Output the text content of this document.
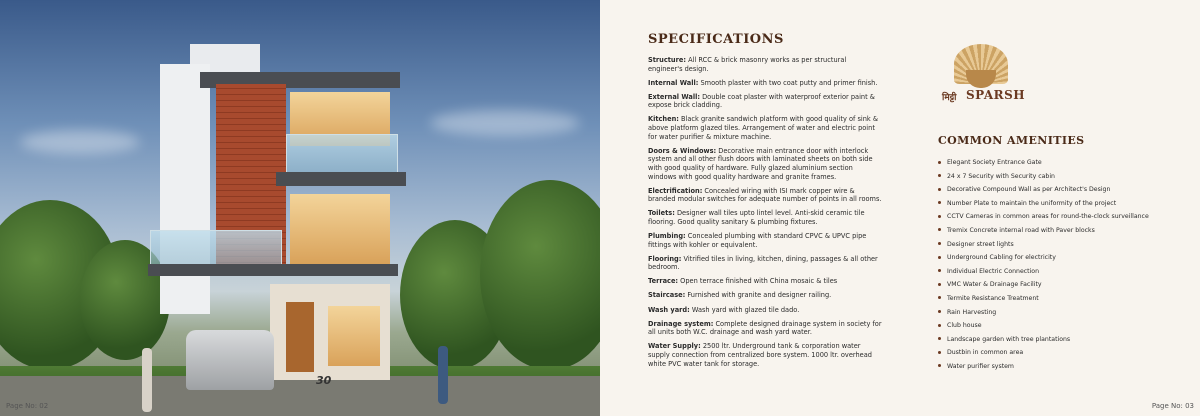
30
Page No: 02
SPECIFICATIONS
Structure: All RCC & brick masonry works as per structural engineer's design.
Internal Wall: Smooth plaster with two coat putty and primer finish.
External Wall: Double coat plaster with waterproof exterior paint & expose brick cladding.
Kitchen: Black granite sandwich platform with good quality of sink & above platform glazed tiles. Arrangement of water and electric point for water purifier & mixture machine.
Doors & Windows: Decorative main entrance door with interlock system and all other flush doors with laminated sheets on both side with good quality of hardware. Fully glazed aluminium section windows with good quality hardware and granite frames.
Electrification: Concealed wiring with ISI mark copper wire & branded modular switches for adequate number of points in all rooms.
Toilets: Designer wall tiles upto lintel level. Anti-skid ceramic tile flooring. Good quality sanitary & plumbing fixtures.
Plumbing: Concealed plumbing with standard CPVC & UPVC pipe fittings with kohler or equivalent.
Flooring: Vitrified tiles in living, kitchen, dining, passages & all other bedroom.
Terrace: Open terrace finished with China mosaic & tiles
Staircase: Furnished with granite and designer railing.
Wash yard: Wash yard with glazed tile dado.
Drainage system: Complete designed drainage system in society for all units both W.C. drainage and wash yard water.
Water Supply: 2500 ltr. Underground tank & corporation water supply connection from centralized bore system. 1000 ltr. overhead white PVC water tank for storage.
मिट्टी SPARSH
COMMON AMENITIES
Elegant Society Entrance Gate
24 x 7 Security with Security cabin
Decorative Compound Wall as per Architect's Design
Number Plate to maintain the uniformity of the project
CCTV Cameras in common areas for round-the-clock surveillance
Tremix Concrete internal road with Paver blocks
Designer street lights
Underground Cabling for electricity
Individual Electric Connection
VMC Water & Drainage Facility
Termite Resistance Treatment
Rain Harvesting
Club house
Landscape garden with tree plantations
Dustbin in common area
Water purifier system
Page No: 03
